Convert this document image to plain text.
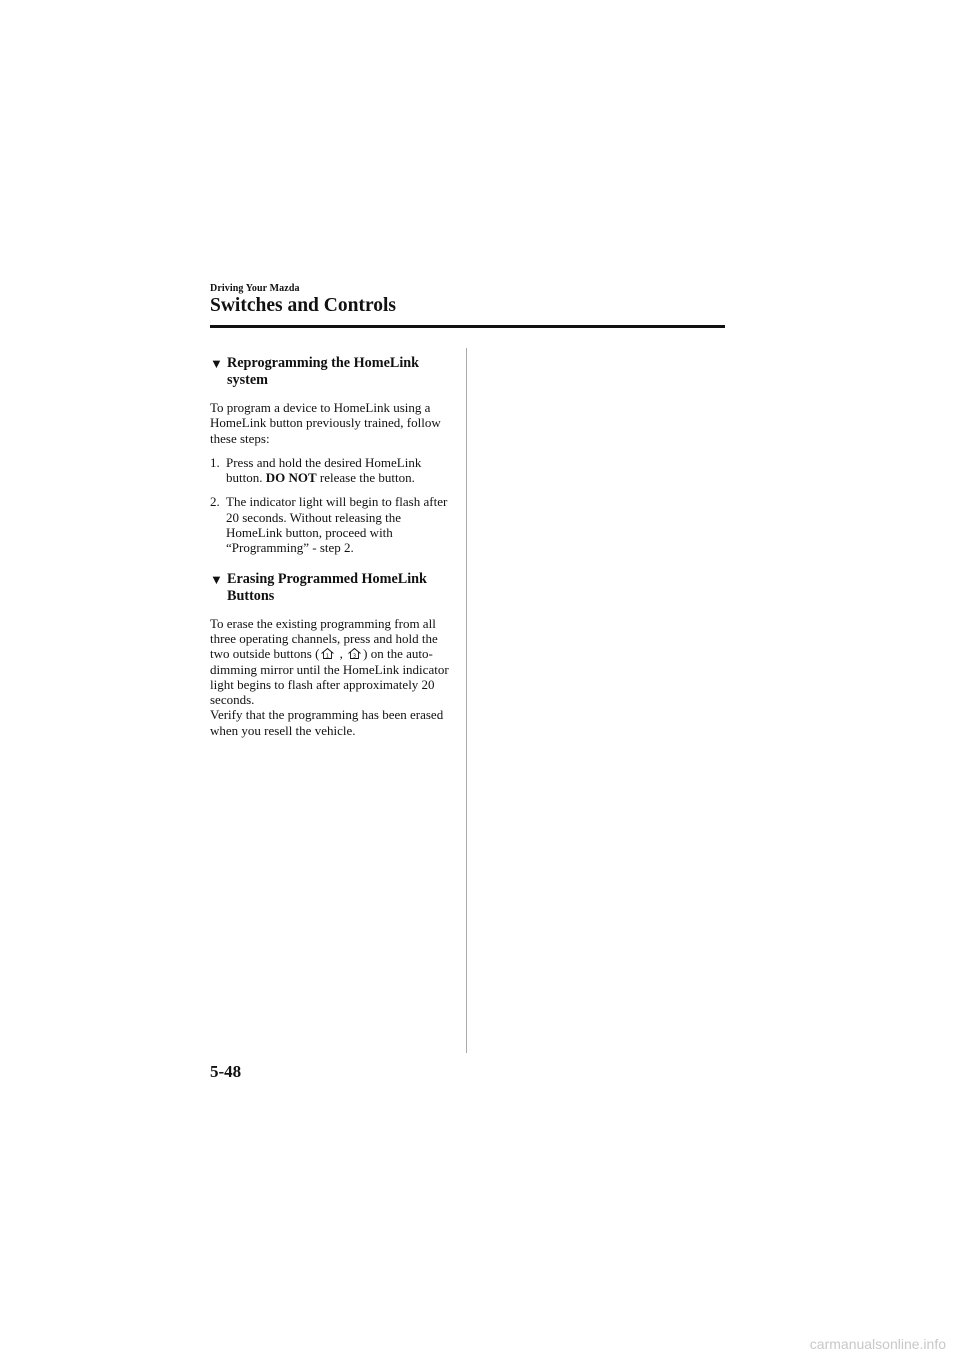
Driving Your Mazda
Switches and Controls
▼ Reprogramming the HomeLink system

To program a device to HomeLink using a HomeLink button previously trained, follow these steps:

1. Press and hold the desired HomeLink button. DO NOT release the button.
2. The indicator light will begin to flash after 20 seconds. Without releasing the HomeLink button, proceed with “Programming” - step 2.
▼ Erasing Programmed HomeLink Buttons

To erase the existing programming from all three operating channels, press and hold the two outside buttons ( 1 , 3 ) on the auto-dimming mirror until the HomeLink indicator light begins to flash after approximately 20 seconds.

Verify that the programming has been erased when you resell the vehicle.

5-48
carmanualsonline.info
